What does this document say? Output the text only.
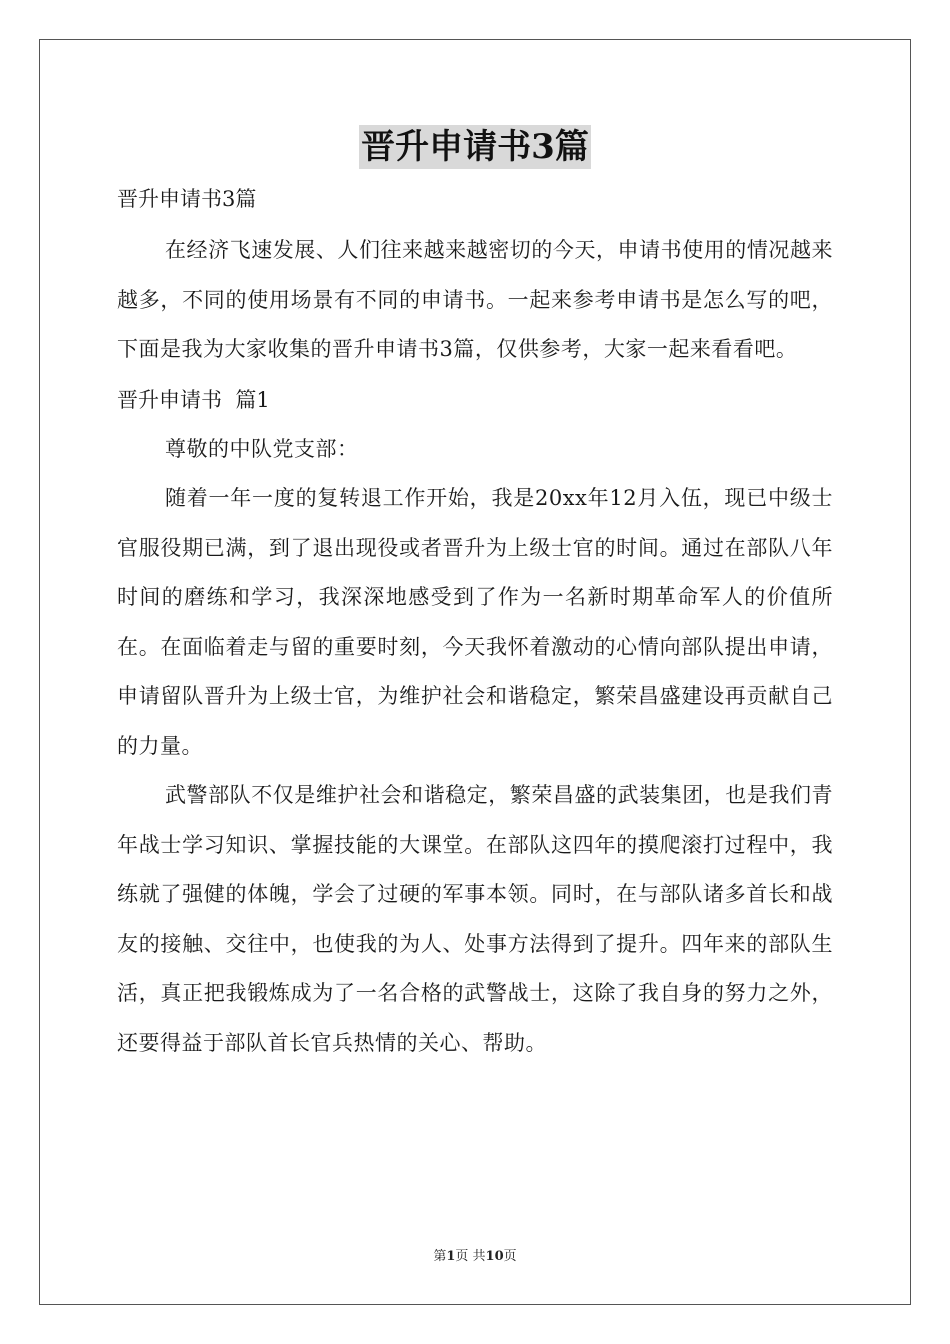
晋升申请书3篇
晋升申请书3篇

在经济飞速发展、人们往来越来越密切的今天，申请书使用的情况越来越多，不同的使用场景有不同的申请书。一起来参考申请书是怎么写的吧，下面是我为大家收集的晋升申请书3篇，仅供参考，大家一起来看看吧。

晋升申请书  篇1

尊敬的中队党支部：

随着一年一度的复转退工作开始，我是20xx年12月入伍，现已中级士官服役期已满，到了退出现役或者晋升为上级士官的时间。通过在部队八年时间的磨练和学习，我深深地感受到了作为一名新时期革命军人的价值所在。在面临着走与留的重要时刻，今天我怀着激动的心情向部队提出申请，申请留队晋升为上级士官，为维护社会和谐稳定，繁荣昌盛建设再贡献自己的力量。

武警部队不仅是维护社会和谐稳定，繁荣昌盛的武装集团，也是我们青年战士学习知识、掌握技能的大课堂。在部队这四年的摸爬滚打过程中，我练就了强健的体魄，学会了过硬的军事本领。同时，在与部队诸多首长和战友的接触、交往中，也使我的为人、处事方法得到了提升。四年来的部队生活，真正把我锻炼成为了一名合格的武警战士，这除了我自身的努力之外，还要得益于部队首长官兵热情的关心、帮助。

第1页 共10页
